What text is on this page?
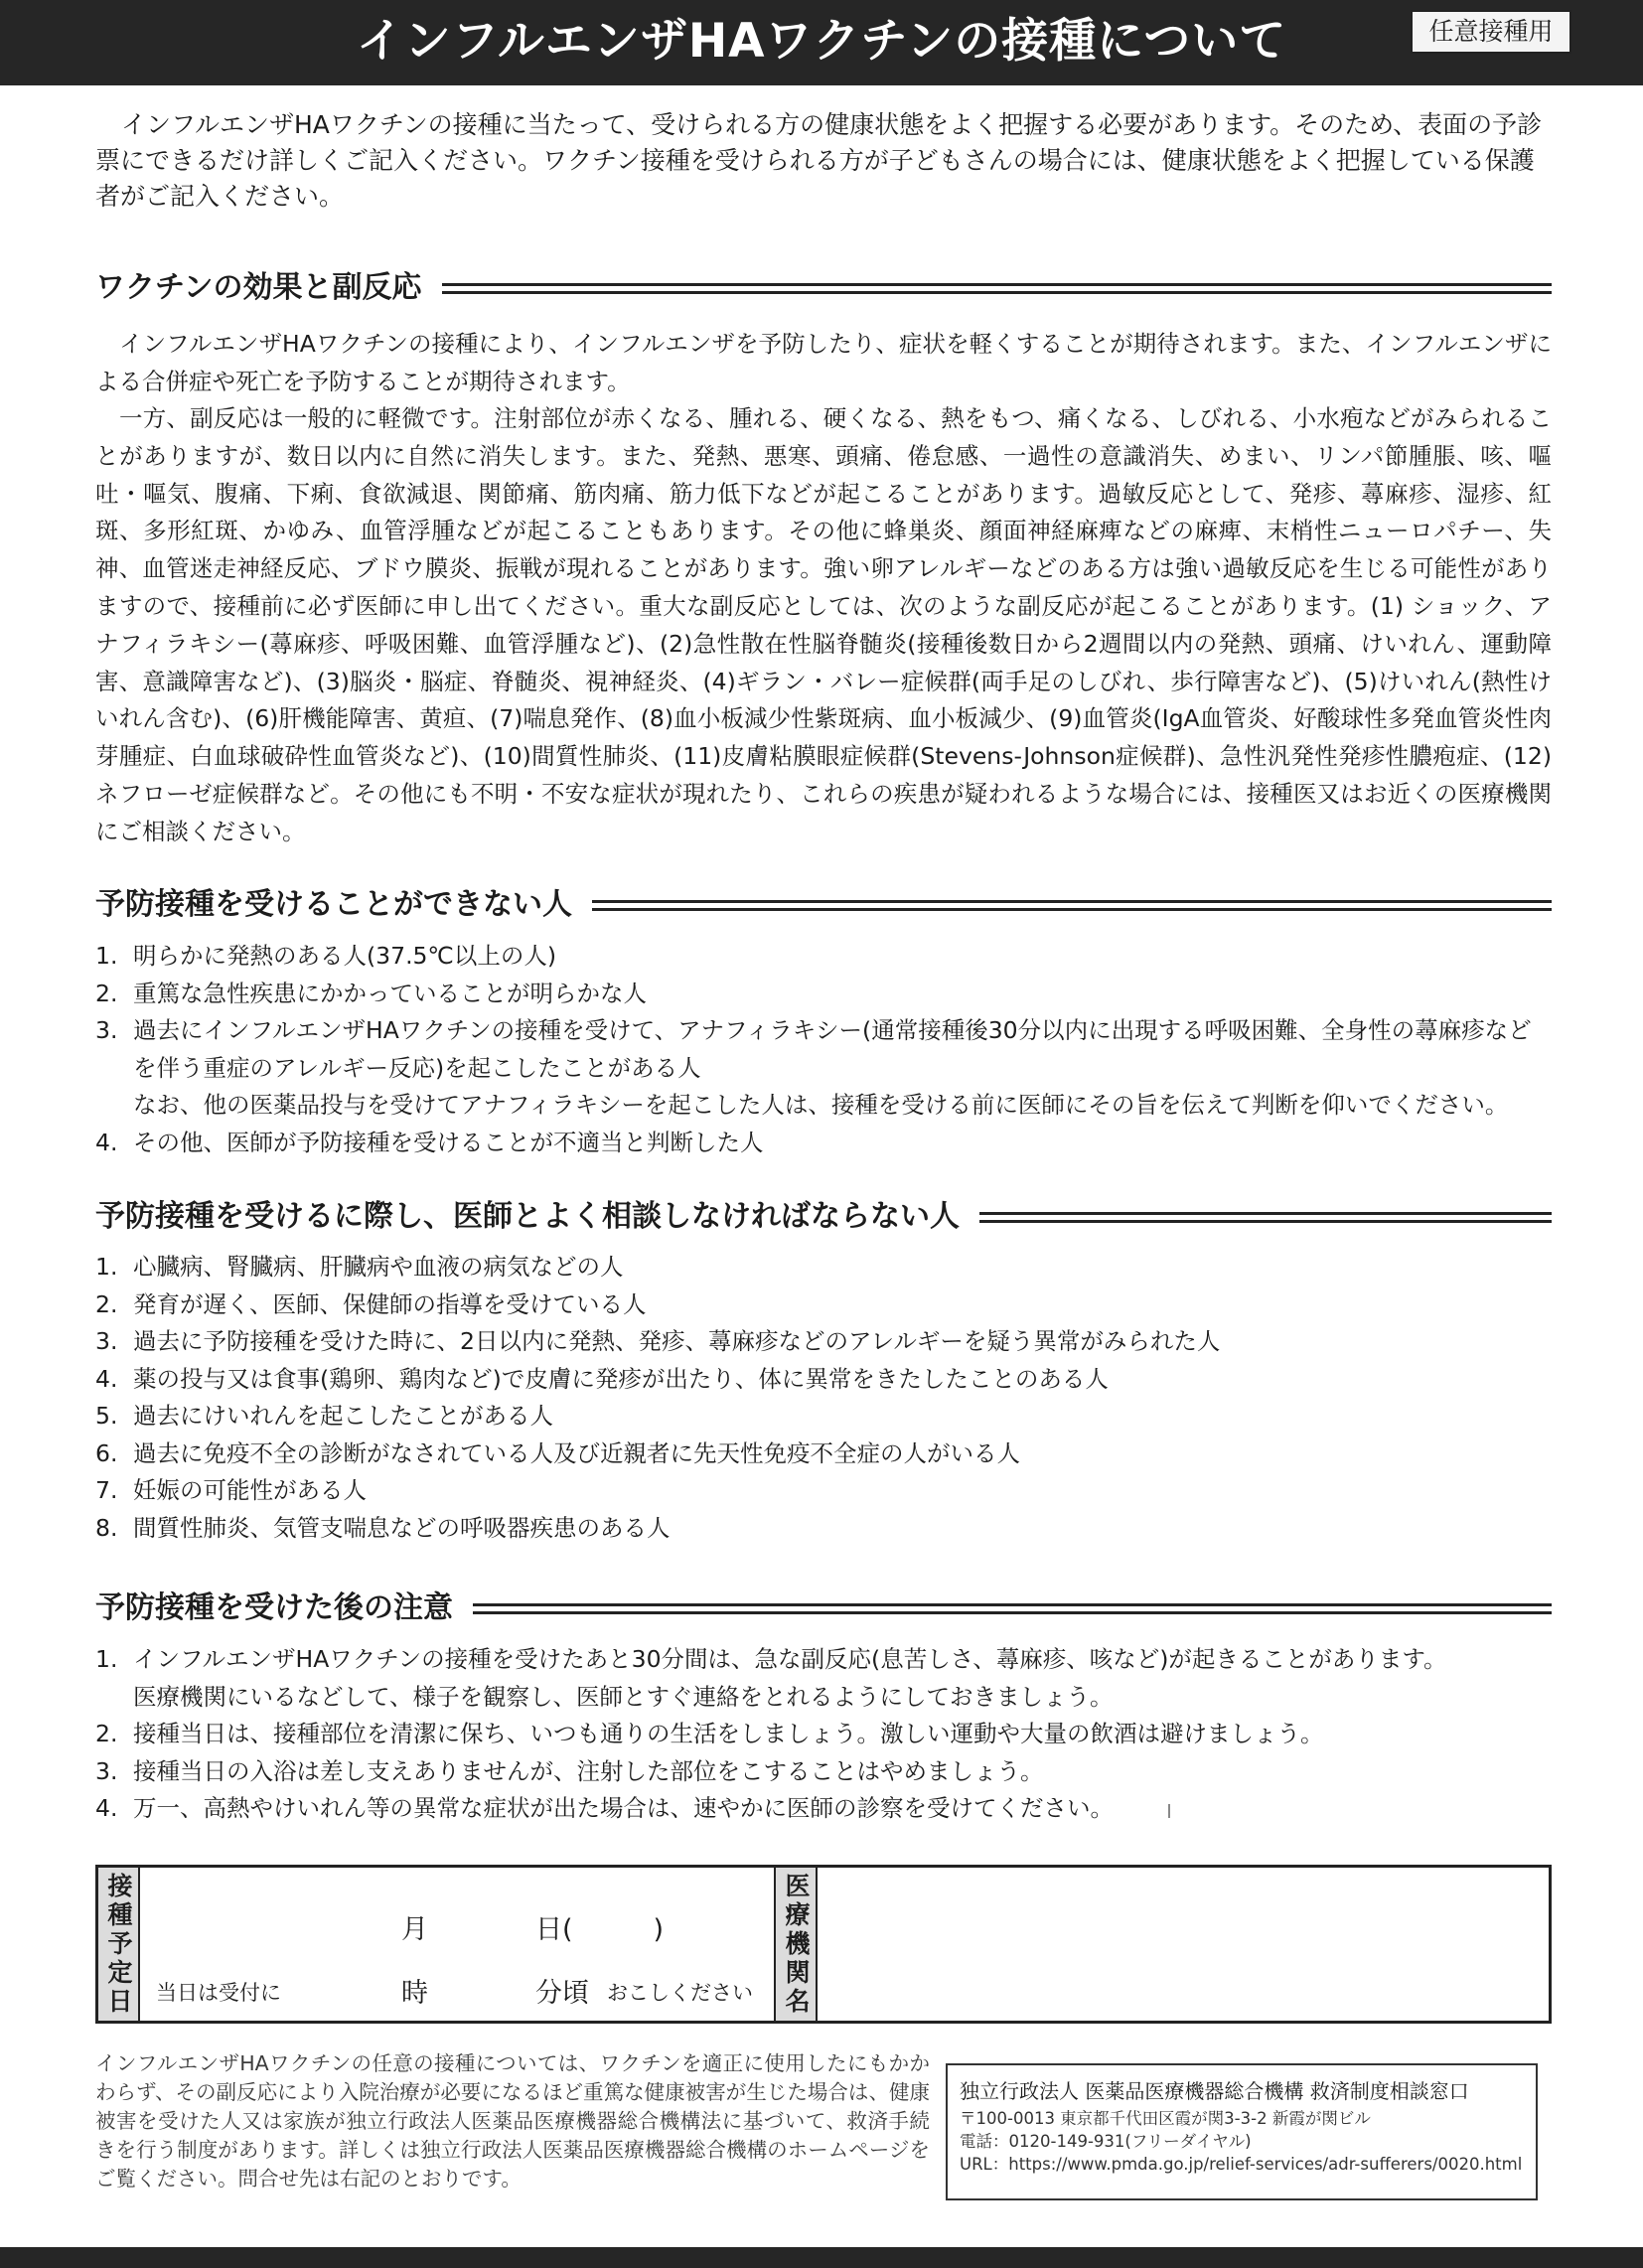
インフルエンザHAワクチンの接種について	任意接種用

インフルエンザHAワクチンの接種に当たって、受けられる方の健康状態をよく把握する必要があります。そのため、表面の予診票にできるだけ詳しくご記入ください。ワクチン接種を受けられる方が子どもさんの場合には、健康状態をよく把握している保護者がご記入ください。

ワクチンの効果と副反応

インフルエンザHAワクチンの接種により、インフルエンザを予防したり、症状を軽くすることが期待されます。また、インフルエンザによる合併症や死亡を予防することが期待されます。

一方、副反応は一般的に軽微です。注射部位が赤くなる、腫れる、硬くなる、熱をもつ、痛くなる、しびれる、小水疱などがみられることがありますが、数日以内に自然に消失します。また、発熱、悪寒、頭痛、倦怠感、一過性の意識消失、めまい、リンパ節腫脹、咳、嘔吐・嘔気、腹痛、下痢、食欲減退、関節痛、筋肉痛、筋力低下などが起こることがあります。過敏反応として、発疹、蕁麻疹、湿疹、紅斑、多形紅斑、かゆみ、血管浮腫などが起こることもあります。その他に蜂巣炎、顔面神経麻痺などの麻痺、末梢性ニューロパチー、失神、血管迷走神経反応、ブドウ膜炎、振戦が現れることがあります。強い卵アレルギーなどのある方は強い過敏反応を生じる可能性がありますので、接種前に必ず医師に申し出てください。重大な副反応としては、次のような副反応が起こることがあります。(1) ショック、アナフィラキシー(蕁麻疹、呼吸困難、血管浮腫など)、(2)急性散在性脳脊髄炎(接種後数日から2週間以内の発熱、頭痛、けいれん、運動障害、意識障害など)、(3)脳炎・脳症、脊髄炎、視神経炎、(4)ギラン・バレー症候群(両手足のしびれ、歩行障害など)、(5)けいれん(熱性けいれん含む)、(6)肝機能障害、黄疸、(7)喘息発作、(8)血小板減少性紫斑病、血小板減少、(9)血管炎(IgA血管炎、好酸球性多発血管炎性肉芽腫症、白血球破砕性血管炎など)、(10)間質性肺炎、(11)皮膚粘膜眼症候群(Stevens-Johnson症候群)、急性汎発性発疹性膿疱症、(12)ネフローゼ症候群など。その他にも不明・不安な症状が現れたり、これらの疾患が疑われるような場合には、接種医又はお近くの医療機関にご相談ください。

予防接種を受けることができない人
1. 明らかに発熱のある人(37.5℃以上の人)
2. 重篤な急性疾患にかかっていることが明らかな人
3. 過去にインフルエンザHAワクチンの接種を受けて、アナフィラキシー(通常接種後30分以内に出現する呼吸困難、全身性の蕁麻疹などを伴う重症のアレルギー反応)を起こしたことがある人
なお、他の医薬品投与を受けてアナフィラキシーを起こした人は、接種を受ける前に医師にその旨を伝えて判断を仰いでください。
4. その他、医師が予防接種を受けることが不適当と判断した人
予防接種を受けるに際し、医師とよく相談しなければならない人
1. 心臓病、腎臓病、肝臓病や血液の病気などの人
2. 発育が遅く、医師、保健師の指導を受けている人
3. 過去に予防接種を受けた時に、2日以内に発熱、発疹、蕁麻疹などのアレルギーを疑う異常がみられた人
4. 薬の投与又は食事(鶏卵、鶏肉など)で皮膚に発疹が出たり、体に異常をきたしたことのある人
5. 過去にけいれんを起こしたことがある人
6. 過去に免疫不全の診断がなされている人及び近親者に先天性免疫不全症の人がいる人
7. 妊娠の可能性がある人
8. 間質性肺炎、気管支喘息などの呼吸器疾患のある人
予防接種を受けた後の注意
1. インフルエンザHAワクチンの接種を受けたあと30分間は、急な副反応(息苦しさ、蕁麻疹、咳など)が起きることがあります。
医療機関にいるなどして、様子を観察し、医師とすぐ連絡をとれるようにしておきましょう。
2. 接種当日は、接種部位を清潔に保ち、いつも通りの生活をしましょう。激しい運動や大量の飲酒は避けましょう。
3. 接種当日の入浴は差し支えありませんが、注射した部位をこすることはやめましょう。
4. 万一、高熱やけいれん等の異常な症状が出た場合は、速やかに医師の診察を受けてください。
接種予定日	月	日(　　　)
当日は受付に	時	分頃 おこしください	医療機関名

インフルエンザHAワクチンの任意の接種については、ワクチンを適正に使用したにもかかわらず、その副反応により入院治療が必要になるほど重篤な健康被害が生じた場合は、健康被害を受けた人又は家族が独立行政法人医薬品医療機器総合機構法に基づいて、救済手続きを行う制度があります。詳しくは独立行政法人医薬品医療機器総合機構のホームページをご覧ください。問合せ先は右記のとおりです。

独立行政法人 医薬品医療機器総合機構 救済制度相談窓口
〒100-0013 東京都千代田区霞が関3-3-2 新霞が関ビル
電話：0120-149-931(フリーダイヤル)
URL：https://www.pmda.go.jp/relief-services/adr-sufferers/0020.html
